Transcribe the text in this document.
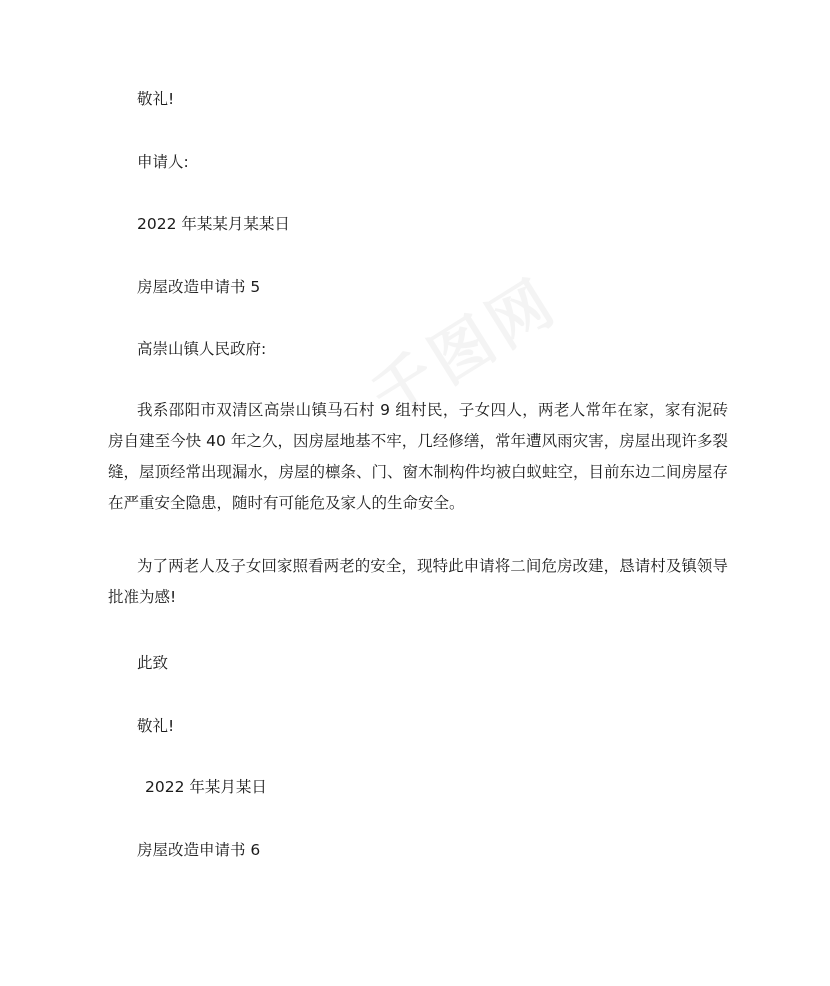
敬礼!
申请人:
2022 年某某月某某日
房屋改造申请书 5
高崇山镇人民政府:
我系邵阳市双清区高崇山镇马石村 9 组村民，子女四人，两老人常年在家，家有泥砖房自建至今快 40 年之久，因房屋地基不牢，几经修缮，常年遭风雨灾害，房屋出现许多裂缝，屋顶经常出现漏水，房屋的檩条、门、窗木制构件均被白蚁蛀空，目前东边二间房屋存在严重安全隐患，随时有可能危及家人的生命安全。
为了两老人及子女回家照看两老的安全，现特此申请将二间危房改建，恳请村及镇领导批准为感!
此致
敬礼!
2022 年某月某日
房屋改造申请书 6
